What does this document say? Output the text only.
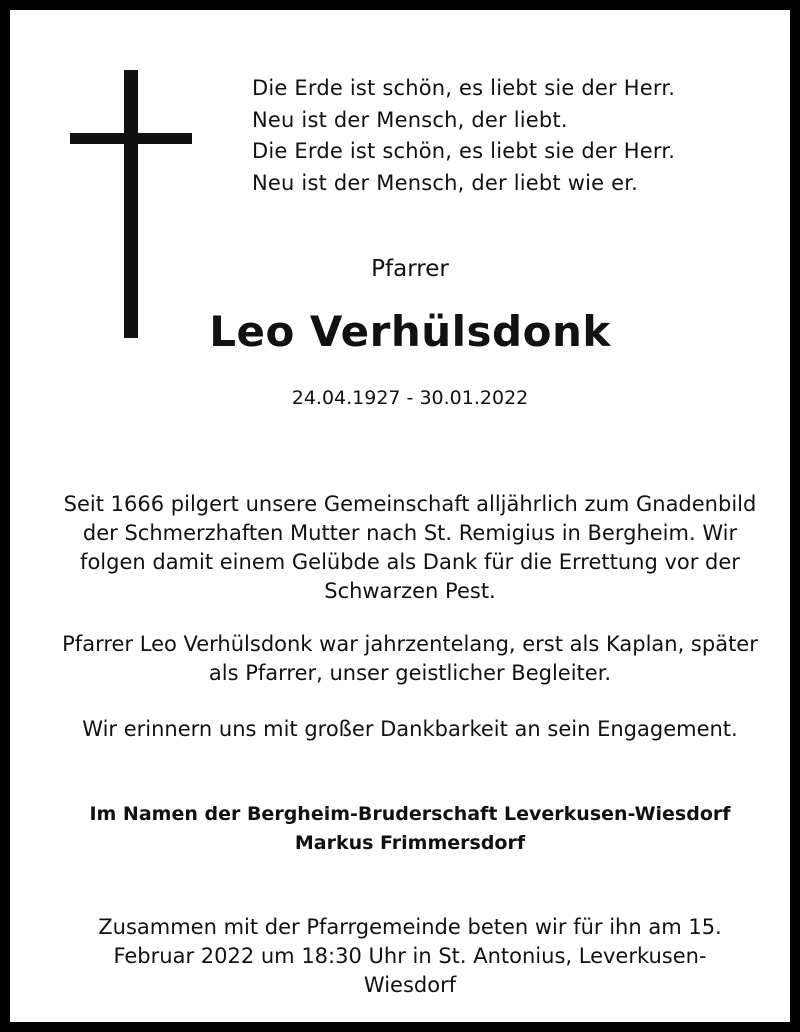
Die Erde ist schön, es liebt sie der Herr.
Neu ist der Mensch, der liebt.
Die Erde ist schön, es liebt sie der Herr.
Neu ist der Mensch, der liebt wie er.
Pfarrer
Leo Verhülsdonk
24.04.1927 - 30.01.2022
Seit 1666 pilgert unsere Gemeinschaft alljährlich zum Gnadenbild der Schmerzhaften Mutter nach St. Remigius in Bergheim. Wir folgen damit einem Gelübde als Dank für die Errettung vor der Schwarzen Pest.
Pfarrer Leo Verhülsdonk war jahrzentelang, erst als Kaplan, später als Pfarrer, unser geistlicher Begleiter.
Wir erinnern uns mit großer Dankbarkeit an sein Engagement.
Im Namen der Bergheim-Bruderschaft Leverkusen-Wiesdorf
Markus Frimmersdorf
Zusammen mit der Pfarrgemeinde beten wir für ihn am 15. Februar 2022 um 18:30 Uhr in St. Antonius, Leverkusen-Wiesdorf
